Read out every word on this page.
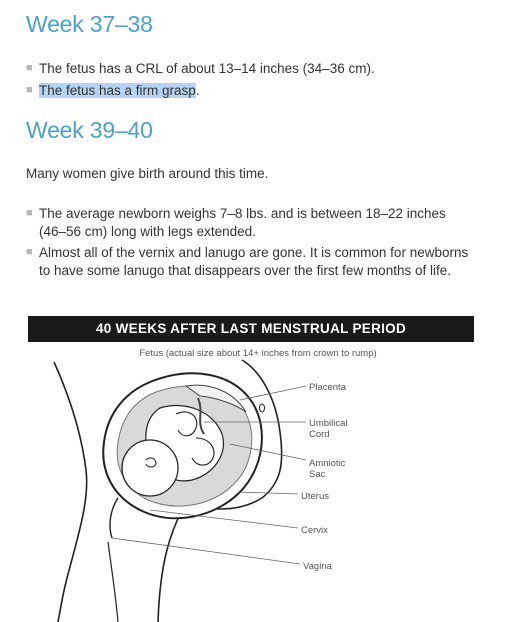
Week 37–38
■ The fetus has a CRL of about 13–14 inches (34–36 cm).
■ The fetus has a firm grasp.
Week 39–40

Many women give birth around this time.

■ The average newborn weighs 7–8 lbs. and is between 18–22 inches (46–56 cm) long with legs extended.
■ Almost all of the vernix and lanugo are gone. It is common for newborns to have some lanugo that disappears over the first few months of life.
40 WEEKS AFTER LAST MENSTRUAL PERIOD
Fetus (actual size about 14+ inches from crown to rump)
Placenta
Umbilical
Cord
Amniotic
Sac
Uterus
Cervix
Vagina
